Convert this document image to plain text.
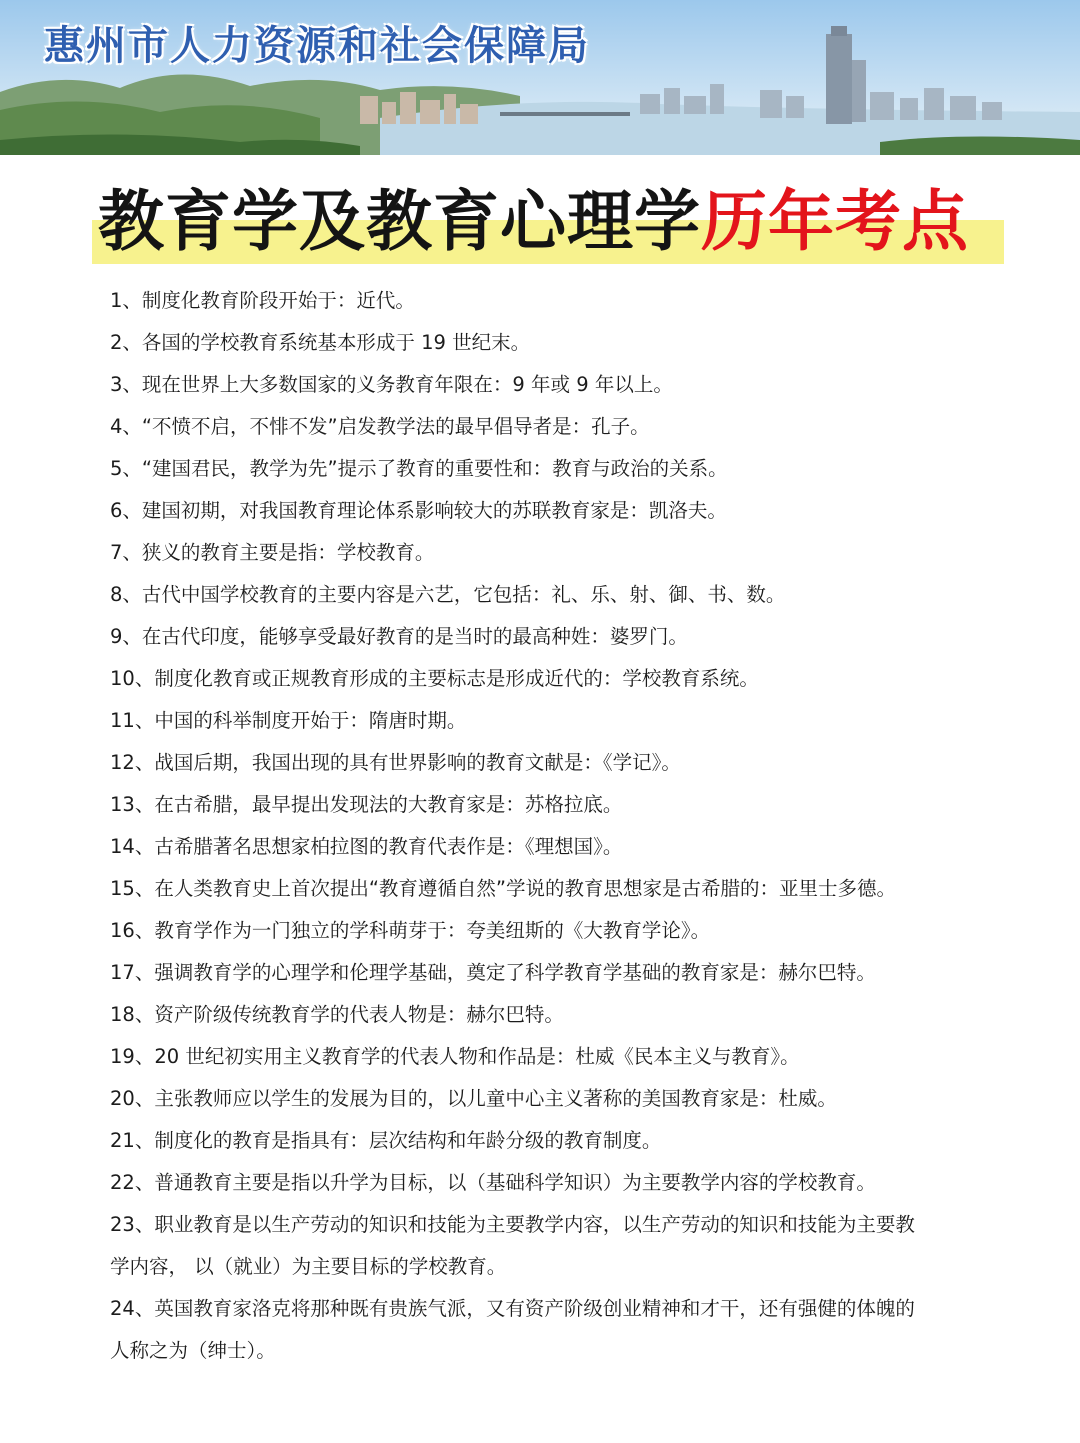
惠州市人力资源和社会保障局
教育学及教育心理学历年考点
1、制度化教育阶段开始于：近代。
2、各国的学校教育系统基本形成于 19 世纪末。
3、现在世界上大多数国家的义务教育年限在：9 年或 9 年以上。
4、“不愤不启，不悱不发”启发教学法的最早倡导者是：孔子。
5、“建国君民，教学为先”提示了教育的重要性和：教育与政治的关系。
6、建国初期，对我国教育理论体系影响较大的苏联教育家是：凯洛夫。
7、狭义的教育主要是指：学校教育。
8、古代中国学校教育的主要内容是六艺，它包括：礼、乐、射、御、书、数。
9、在古代印度，能够享受最好教育的是当时的最高种姓：婆罗门。
10、制度化教育或正规教育形成的主要标志是形成近代的：学校教育系统。
11、中国的科举制度开始于：隋唐时期。
12、战国后期，我国出现的具有世界影响的教育文献是：《学记》。
13、在古希腊，最早提出发现法的大教育家是：苏格拉底。
14、古希腊著名思想家柏拉图的教育代表作是：《理想国》。
15、在人类教育史上首次提出“教育遵循自然”学说的教育思想家是古希腊的：亚里士多德。
16、教育学作为一门独立的学科萌芽于：夸美纽斯的《大教育学论》。
17、强调教育学的心理学和伦理学基础，奠定了科学教育学基础的教育家是：赫尔巴特。
18、资产阶级传统教育学的代表人物是：赫尔巴特。
19、20 世纪初实用主义教育学的代表人物和作品是：杜威《民本主义与教育》。
20、主张教师应以学生的发展为目的，以儿童中心主义著称的美国教育家是：杜威。
21、制度化的教育是指具有：层次结构和年龄分级的教育制度。
22、普通教育主要是指以升学为目标，以（基础科学知识）为主要教学内容的学校教育。
23、职业教育是以生产劳动的知识和技能为主要教学内容，以生产劳动的知识和技能为主要教
学内容， 以（就业）为主要目标的学校教育。
24、英国教育家洛克将那种既有贵族气派，又有资产阶级创业精神和才干，还有强健的体魄的
人称之为（绅士）。
